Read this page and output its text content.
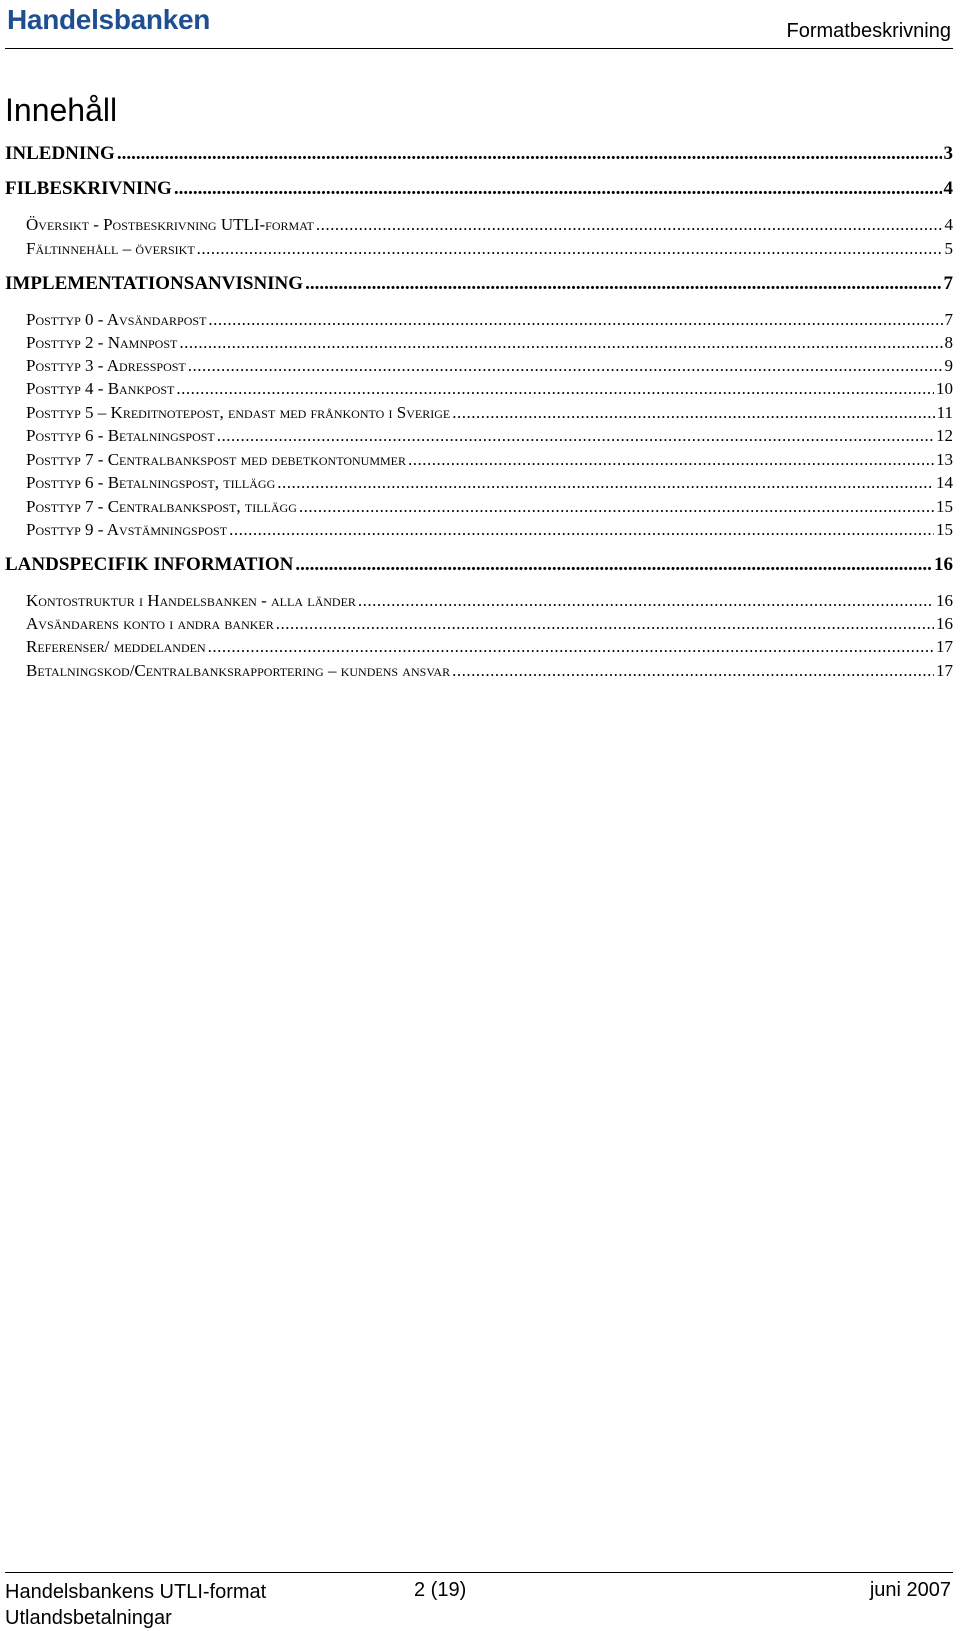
Handelsbanken	Formatbeskrivning
Innehåll
INLEDNING .....	3
FILBESKRIVNING .....	4
Översikt - Postbeskrivning UTLI-format .....	4
Fältinnehåll – översikt .....	5
IMPLEMENTATIONSANVISNING .....	7
Posttyp 0 - Avsändarpost .....	7
Posttyp 2 - Namnpost .....	8
Posttyp 3 - Adresspost .....	9
Posttyp 4 - Bankpost .....	10
Posttyp 5 – Kreditnotepost, endast med frånkonto i Sverige .....	11
Posttyp 6 - Betalningspost .....	12
Posttyp 7 - Centralbankspost med debetkontonummer .....	13
Posttyp 6 - Betalningspost, tillägg .....	14
Posttyp 7 - Centralbankspost, tillägg .....	15
Posttyp 9 - Avstämningspost .....	15
LANDSPECIFIK INFORMATION .....	16
Kontostruktur i Handelsbanken - alla länder .....	16
Avsändarens konto i andra banker .....	16
Referenser/ meddelanden .....	17
Betalningskod/Centralbanksrapportering – kundens ansvar .....	17
Handelsbankens UTLI-format
Utlandsbetalningar
2 (19)	juni 2007
